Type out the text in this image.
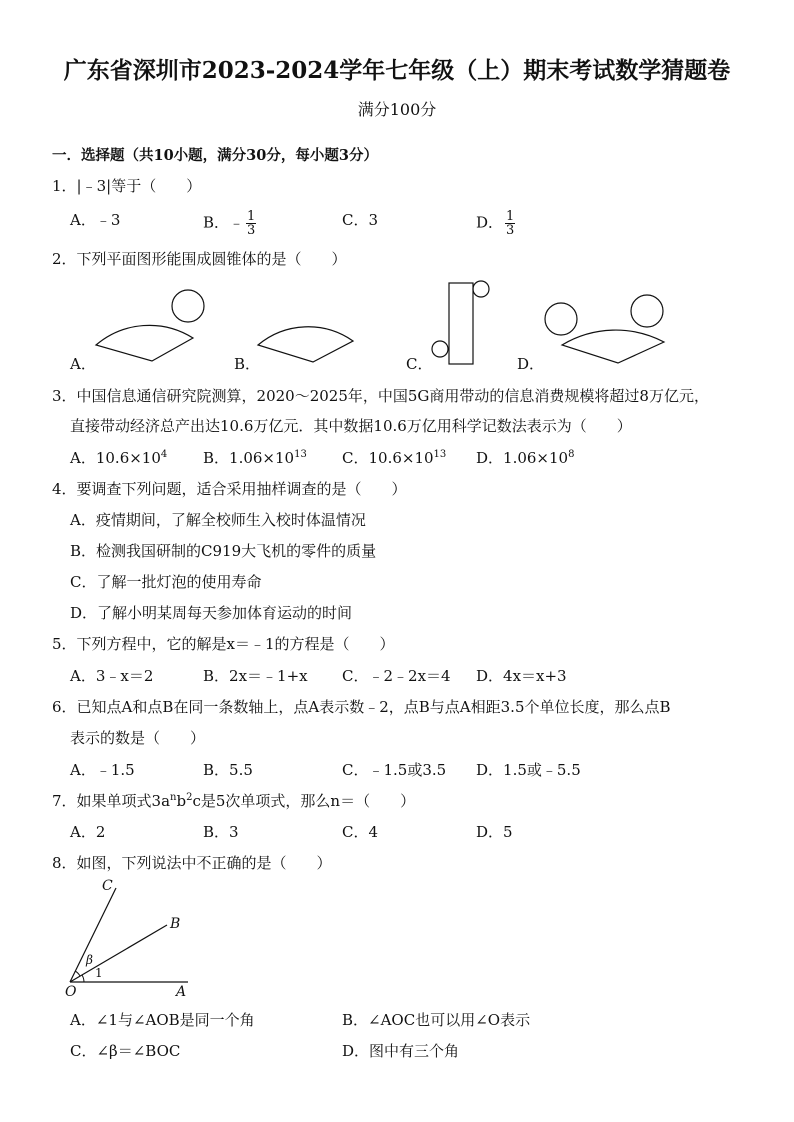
广东省深圳市2023-2024学年七年级（上）期末考试数学猜题卷
满分100分
一．选择题（共10小题，满分30分，每小题3分）
1．|﹣3|等于（　　）
A．﹣3	B．﹣ $\frac{1}{3}$	C．3	D． $\frac{1}{3}$
2．下列平面图形能围成圆锥体的是（　　）
A．	B．	C．	D．
3．中国信息通信研究院测算，2020～2025年，中国5G商用带动的信息消费规模将超过8万亿元，
直接带动经济总产出达10.6万亿元．其中数据10.6万亿用科学记数法表示为（　　）
A．$10.6\times 10^4$ B．$1.06\times 10^{13}$ C．$10.6\times 10^{13}$ D．$1.06\times 10^8$
4．要调查下列问题，适合采用抽样调查的是（　　）
A．疫情期间，了解全校师生入校时体温情况
B．检测我国研制的C919大飞机的零件的质量
C．了解一批灯泡的使用寿命
D．了解小明某周每天参加体育运动的时间
5．下列方程中，它的解是x＝﹣1的方程是（　　）
A．3﹣x＝2	B．2x＝﹣1+x C．﹣2﹣2x＝4 D．4x＝x+3
6．已知点A和点B在同一条数轴上，点A表示数﹣2，点B与点A相距3.5个单位长度，那么点B
表示的数是（　　）
A．﹣1.5	B．5.5	C．﹣1.5或3.5 D．1.5或﹣5.5
7．如果单项式$3a^nb^2c$是5次单项式，那么n＝（　　）
A．2	B．3	C．4	D．5
8．如图，下列说法中不正确的是（　　）
C
B
O	A
β
1
A．∠1与∠AOB是同一个角	B．∠AOC也可以用∠O表示
C．∠β＝∠BOC	D．图中有三个角
